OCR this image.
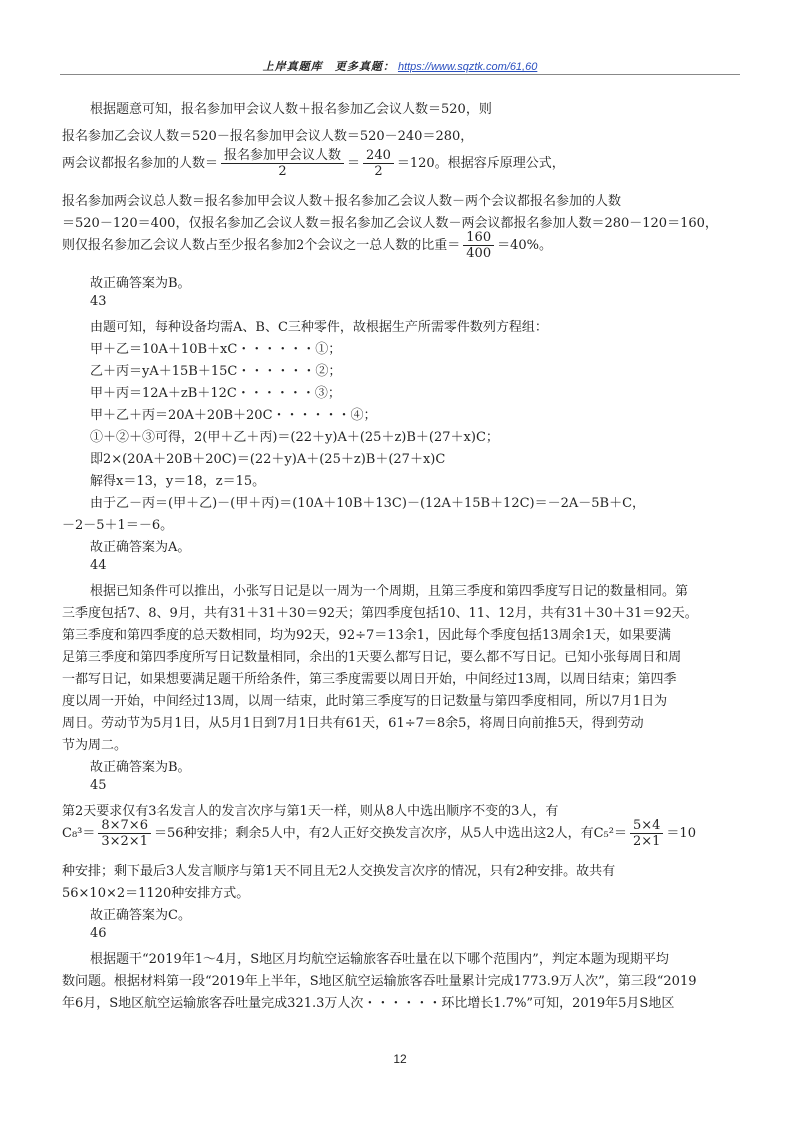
上岸真题库 更多真题： https://www.sqztk.com/61,60
根据题意可知，报名参加甲会议人数＋报名参加乙会议人数＝520，则
报名参加乙会议人数＝520－报名参加甲会议人数＝520－240＝280，
两会议都报名参加的人数＝ $\frac{\text{报名参加甲会议人数}}{2} = \frac{240}{2} =120$。根据容斥原理公式，
报名参加两会议总人数＝报名参加甲会议人数＋报名参加乙会议人数－两个会议都报名参加的人数
＝520－120＝400，仅报名参加乙会议人数＝报名参加乙会议人数－两会议都报名参加人数＝280－120＝160，
则仅报名参加乙会议人数占至少报名参加2个会议之一总人数的比重＝ $\frac{160}{400} =40\%$。
故正确答案为B。
43
由题可知，每种设备均需A、B、C三种零件，故根据生产所需零件数列方程组：
甲＋乙＝10A＋10B＋xC・・・・・・①；
乙＋丙＝yA＋15B＋15C・・・・・・②；
甲＋丙＝12A＋zB＋12C・・・・・・③；
甲＋乙＋丙＝20A＋20B＋20C・・・・・・④；
①＋②＋③可得，2(甲＋乙＋丙)＝(22＋y)A＋(25＋z)B＋(27＋x)C；
即2×(20A＋20B＋20C)＝(22＋y)A＋(25＋z)B＋(27＋x)C
解得x＝13，y＝18，z＝15。
由于乙－丙＝(甲＋乙)－(甲＋丙)＝(10A＋10B＋13C)－(12A＋15B＋12C)＝－2A－5B＋C，
－2－5＋1＝－6。
故正确答案为A。
44
根据已知条件可以推出，小张写日记是以一周为一个周期，且第三季度和第四季度写日记的数量相同。第
三季度包括7、8、9月，共有31＋31＋30＝92天；第四季度包括10、11、12月，共有31＋30＋31＝92天。
第三季度和第四季度的总天数相同，均为92天，92÷7＝13余1，因此每个季度包括13周余1天，如果要满
足第三季度和第四季度所写日记数量相同，余出的1天要么都写日记，要么都不写日记。已知小张每周日和周
一都写日记，如果想要满足题干所给条件，第三季度需要以周日开始，中间经过13周，以周日结束；第四季
度以周一开始，中间经过13周，以周一结束，此时第三季度写的日记数量与第四季度相同，所以7月1日为
周日。劳动节为5月1日，从5月1日到7月1日共有61天，61÷7＝8余5，将周日向前推5天，得到劳动
节为周二。
故正确答案为B。
45
第2天要求仅有3名发言人的发言次序与第1天一样，则从8人中选出顺序不变的3人，有
$C_8^3= \frac{8\times 7\times 6}{3\times 2\times 1} =56$种安排；剩余5人中，有2人正好交换发言次序，从5人中选出这2人，有$C_5^2= \frac{5\times 4}{2\times 1} =10$
种安排；剩下最后3人发言顺序与第1天不同且无2人交换发言次序的情况，只有2种安排。故共有
56×10×2＝1120种安排方式。
故正确答案为C。
46
根据题干“2019年1～4月，S地区月均航空运输旅客吞吐量在以下哪个范围内”，判定本题为现期平均
数问题。根据材料第一段“2019年上半年，S地区航空运输旅客吞吐量累计完成1773.9万人次”，第三段“2019
年6月，S地区航空运输旅客吞吐量完成321.3万人次・・・・・・环比增长1.7%”可知，2019年5月S地区
12
